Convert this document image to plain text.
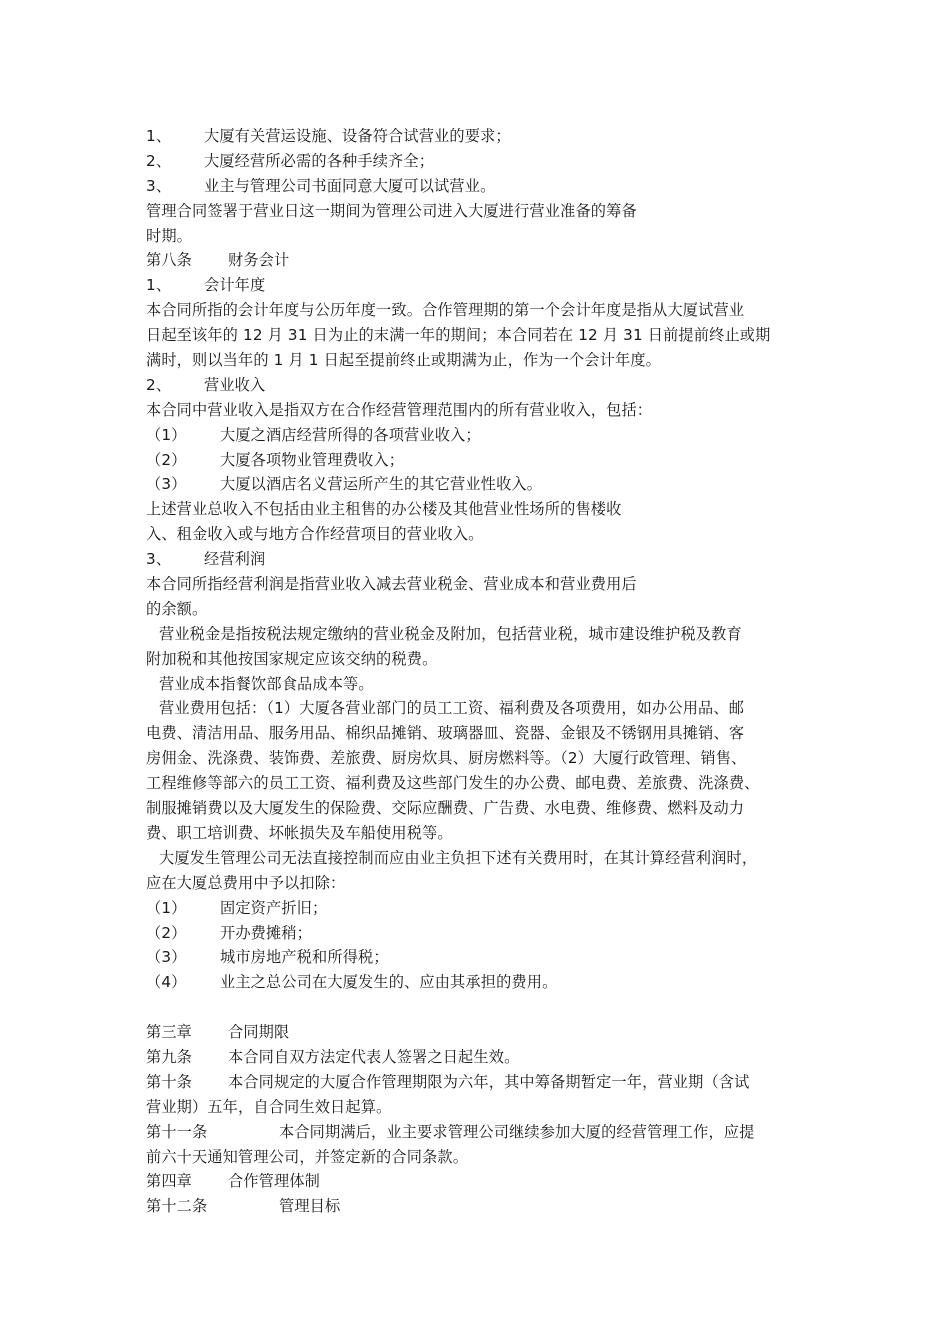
1、 大厦有关营运设施、设备符合试营业的要求；
2、 大厦经营所必需的各种手续齐全；
3、 业主与管理公司书面同意大厦可以试营业。
管理合同签署于营业日这一期间为管理公司进入大厦进行营业准备的筹备
时期。
第八条 财务会计
1、 会计年度
本合同所指的会计年度与公历年度一致。合作管理期的第一个会计年度是指从大厦试营业
日起至该年的 12 月 31 日为止的末满一年的期间；本合同若在 12 月 31 日前提前终止或期
满时，则以当年的 1 月 1 日起至提前终止或期满为止，作为一个会计年度。
2、 营业收入
本合同中营业收入是指双方在合作经营管理范围内的所有营业收入，包括：
（1） 大厦之酒店经营所得的各项营业收入；
（2） 大厦各项物业管理费收入；
（3） 大厦以酒店名义营运所产生的其它营业性收入。
上述营业总收入不包括由业主租售的办公楼及其他营业性场所的售楼收
入、租金收入或与地方合作经营项目的营业收入。
3、 经营利润
本合同所指经营利润是指营业收入减去营业税金、营业成本和营业费用后
的余额。
营业税金是指按税法规定缴纳的营业税金及附加，包括营业税，城市建设维护税及教育
附加税和其他按国家规定应该交纳的税费。
营业成本指餐饮部食品成本等。
营业费用包括：（1）大厦各营业部门的员工工资、福利费及各项费用，如办公用品、邮
电费、清洁用品、服务用品、棉织品摊销、玻璃器皿、瓷器、金银及不锈钢用具摊销、客
房佣金、洗涤费、装饰费、差旅费、厨房炊具、厨房燃料等。（2）大厦行政管理、销售、
工程维修等部六的员工工资、福利费及这些部门发生的办公费、邮电费、差旅费、洗涤费、
制服摊销费以及大厦发生的保险费、交际应酬费、广告费、水电费、维修费、燃料及动力
费、职工培训费、坏帐损失及车船使用税等。
大厦发生管理公司无法直接控制而应由业主负担下述有关费用时，在其计算经营利润时，
应在大厦总费用中予以扣除：
（1） 固定资产折旧；
（2） 开办费摊稍；
（3） 城市房地产税和所得税；
（4） 业主之总公司在大厦发生的、应由其承担的费用。
第三章 合同期限
第九条 本合同自双方法定代表人签署之日起生效。
第十条 本合同规定的大厦合作管理期限为六年，其中筹备期暂定一年，营业期（含试
营业期）五年，自合同生效日起算。
第十一条	本合同期满后，业主要求管理公司继续参加大厦的经营管理工作，应提
前六十天通知管理公司，并签定新的合同条款。
第四章 合作管理体制
第十二条	管理目标
